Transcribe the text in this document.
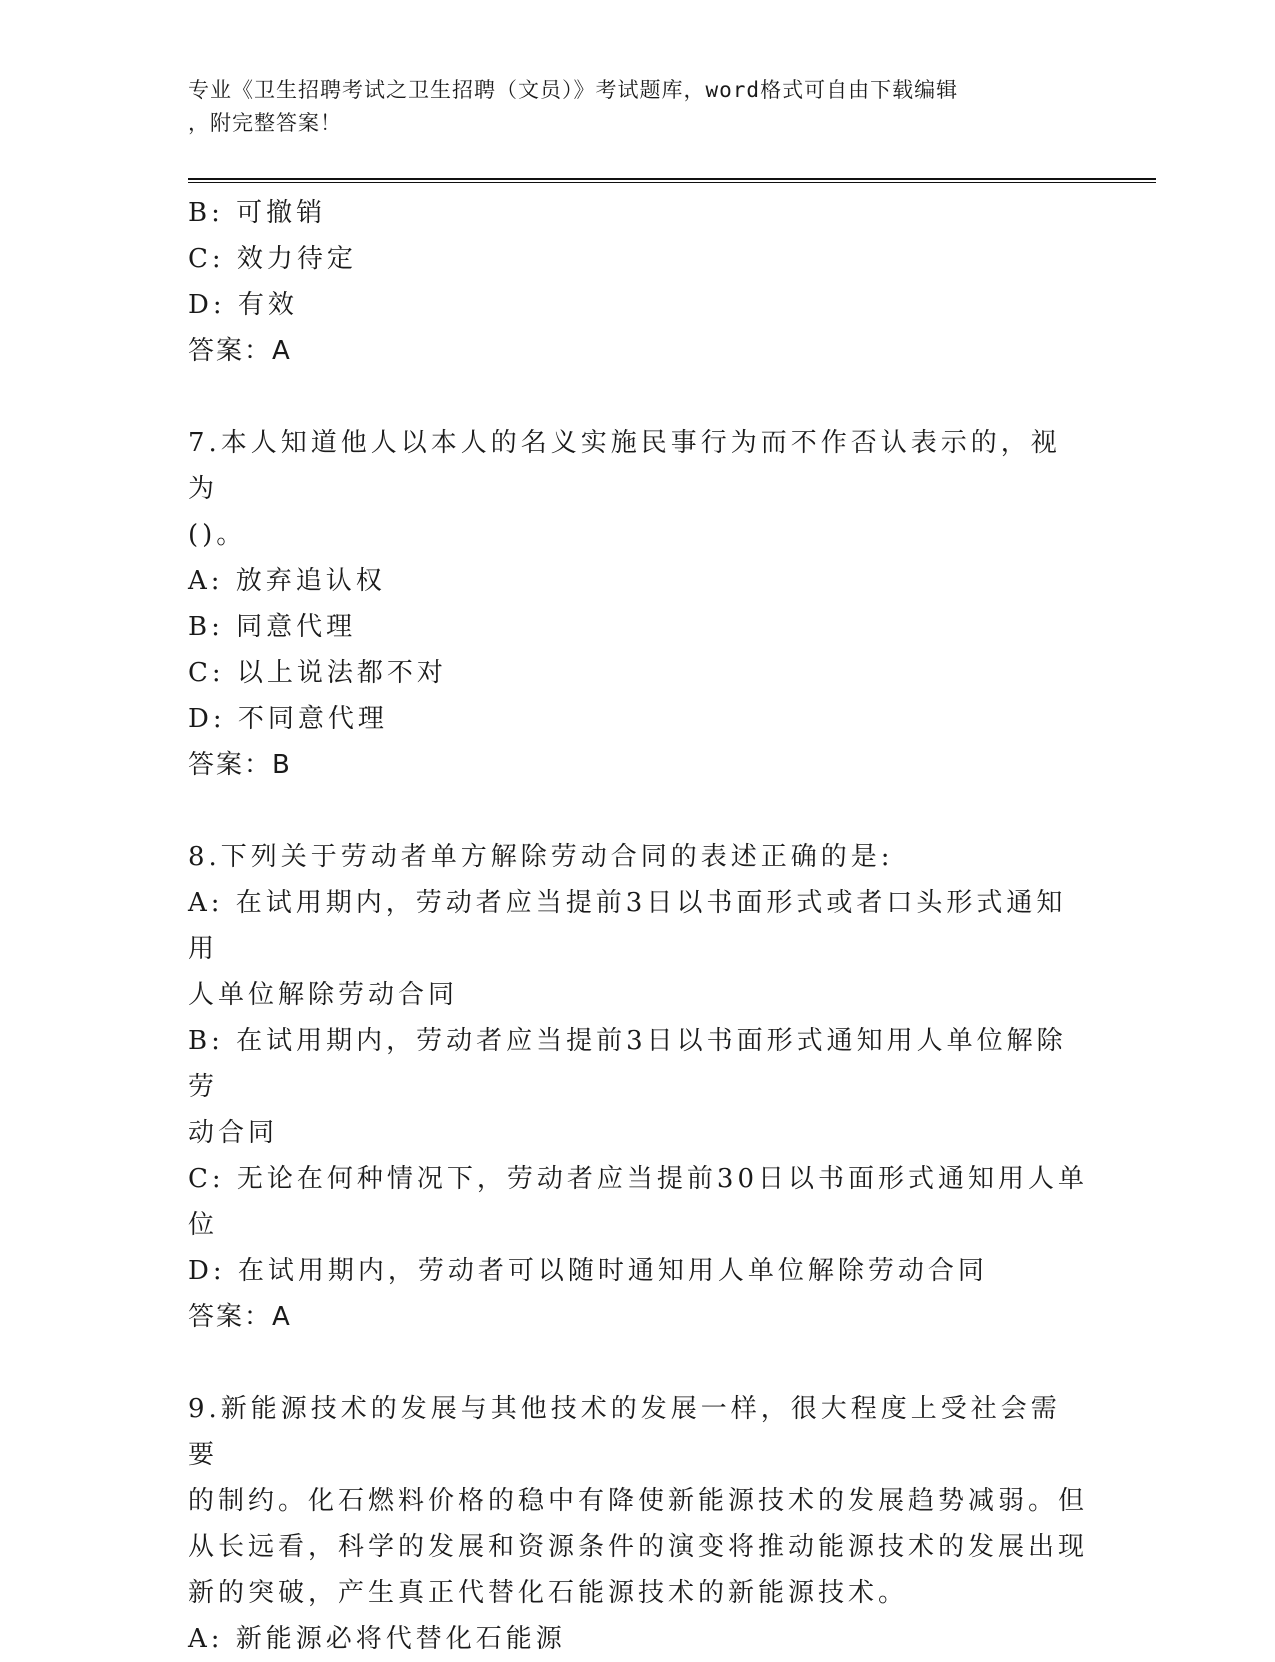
专业《卫生招聘考试之卫生招聘（文员）》考试题库，word格式可自由下载编辑
，附完整答案！
B: 可撤销
C: 效力待定
D: 有效
答案：A
7.本人知道他人以本人的名义实施民事行为而不作否认表示的，视为
()。
A: 放弃追认权
B: 同意代理
C: 以上说法都不对
D: 不同意代理
答案：B
8.下列关于劳动者单方解除劳动合同的表述正确的是:
A: 在试用期内，劳动者应当提前3日以书面形式或者口头形式通知用
人单位解除劳动合同
B: 在试用期内，劳动者应当提前3日以书面形式通知用人单位解除劳
动合同
C: 无论在何种情况下，劳动者应当提前30日以书面形式通知用人单
位
D: 在试用期内，劳动者可以随时通知用人单位解除劳动合同
答案：A
9.新能源技术的发展与其他技术的发展一样，很大程度上受社会需要
的制约。化石燃料价格的稳中有降使新能源技术的发展趋势减弱。但
从长远看，科学的发展和资源条件的演变将推动能源技术的发展出现
新的突破，产生真正代替化石能源技术的新能源技术。
A: 新能源必将代替化石能源
